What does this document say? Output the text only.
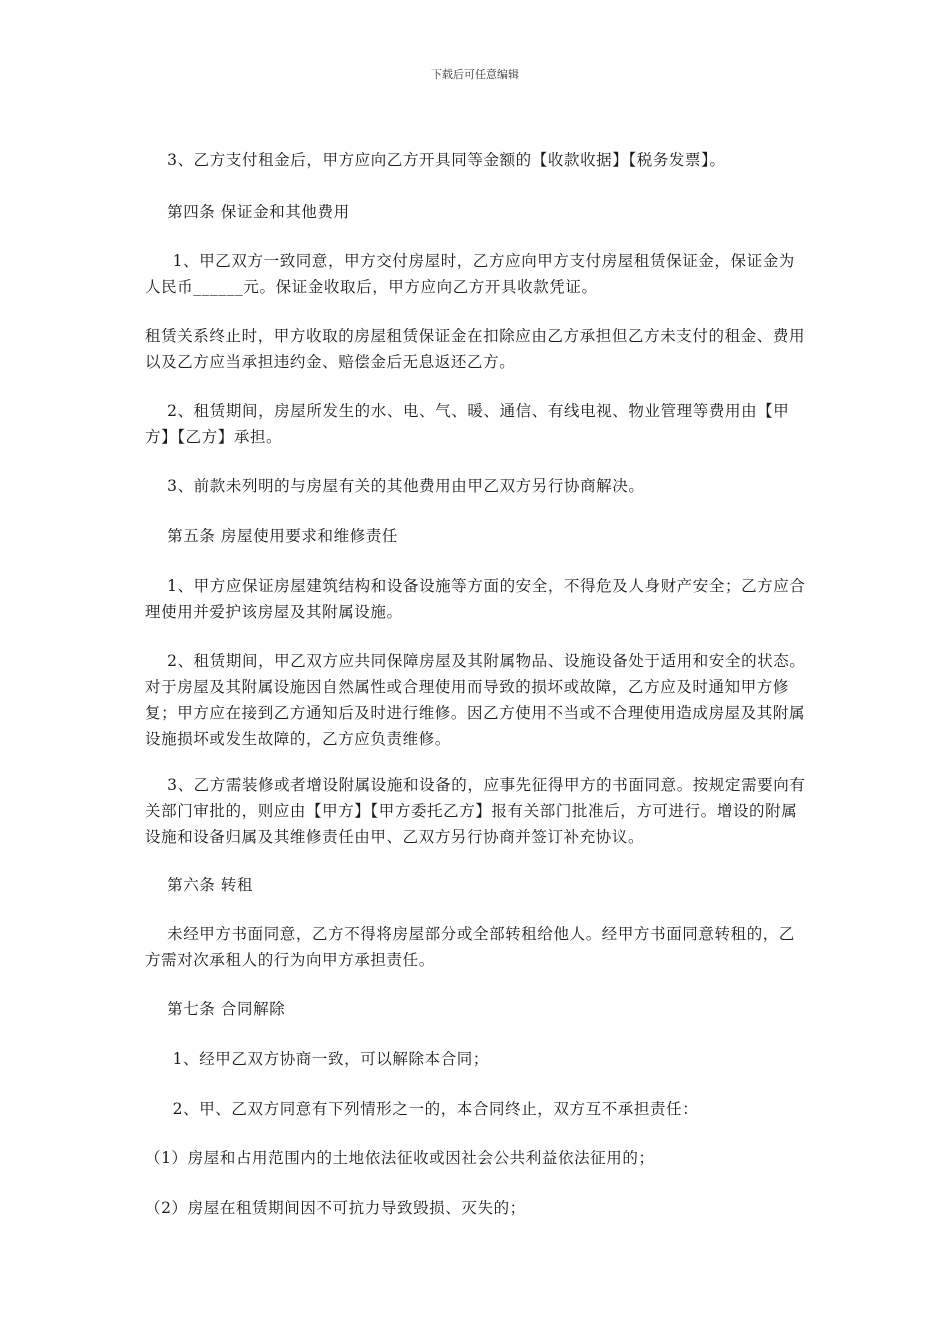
下载后可任意编辑
3、乙方支付租金后，甲方应向乙方开具同等金额的【收款收据】【税务发票】。
第四条 保证金和其他费用
1、甲乙双方一致同意，甲方交付房屋时，乙方应向甲方支付房屋租赁保证金，保证金为人民币______元。保证金收取后，甲方应向乙方开具收款凭证。
租赁关系终止时，甲方收取的房屋租赁保证金在扣除应由乙方承担但乙方未支付的租金、费用以及乙方应当承担违约金、赔偿金后无息返还乙方。
2、租赁期间，房屋所发生的水、电、气、暖、通信、有线电视、物业管理等费用由【甲方】【乙方】承担。
3、前款未列明的与房屋有关的其他费用由甲乙双方另行协商解决。
第五条 房屋使用要求和维修责任
1、甲方应保证房屋建筑结构和设备设施等方面的安全，不得危及人身财产安全；乙方应合理使用并爱护该房屋及其附属设施。
2、租赁期间，甲乙双方应共同保障房屋及其附属物品、设施设备处于适用和安全的状态。对于房屋及其附属设施因自然属性或合理使用而导致的损坏或故障，乙方应及时通知甲方修复；甲方应在接到乙方通知后及时进行维修。因乙方使用不当或不合理使用造成房屋及其附属设施损坏或发生故障的，乙方应负责维修。
3、乙方需装修或者增设附属设施和设备的，应事先征得甲方的书面同意。按规定需要向有关部门审批的，则应由【甲方】【甲方委托乙方】报有关部门批准后，方可进行。增设的附属设施和设备归属及其维修责任由甲、乙双方另行协商并签订补充协议。
第六条 转租
未经甲方书面同意，乙方不得将房屋部分或全部转租给他人。经甲方书面同意转租的，乙方需对次承租人的行为向甲方承担责任。
第七条 合同解除
1、经甲乙双方协商一致，可以解除本合同；
2、甲、乙双方同意有下列情形之一的，本合同终止，双方互不承担责任：
（1）房屋和占用范围内的土地依法征收或因社会公共利益依法征用的；
（2）房屋在租赁期间因不可抗力导致毁损、灭失的；
